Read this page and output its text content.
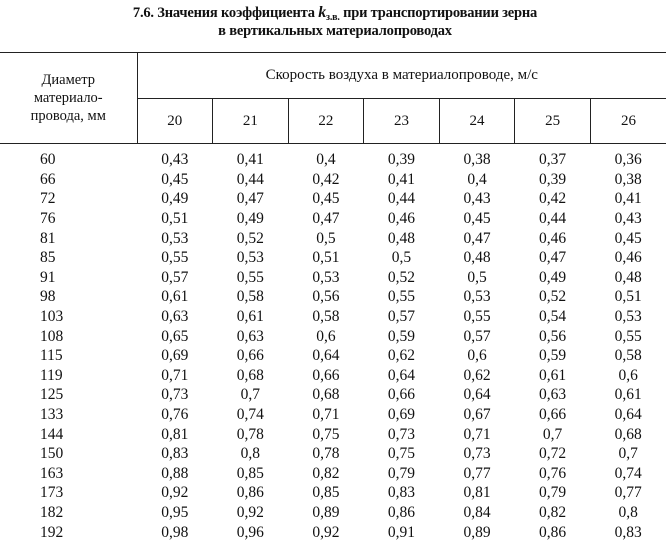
7.6. Значения коэффициента $k_{з.в.}$ при транспортировании зерна
в вертикальных материалопроводах
Диаметр
материало-
провода, мм	Скорость воздуха в материалопроводе, м/с						
	20	21	22	23	24	25	26
60	0,43	0,41	0,4	0,39	0,38	0,37	0,36
66	0,45	0,44	0,42	0,41	0,4	0,39	0,38
72	0,49	0,47	0,45	0,44	0,43	0,42	0,41
76	0,51	0,49	0,47	0,46	0,45	0,44	0,43
81	0,53	0,52	0,5	0,48	0,47	0,46	0,45
85	0,55	0,53	0,51	0,5	0,48	0,47	0,46
91	0,57	0,55	0,53	0,52	0,5	0,49	0,48
98	0,61	0,58	0,56	0,55	0,53	0,52	0,51
103	0,63	0,61	0,58	0,57	0,55	0,54	0,53
108	0,65	0,63	0,6	0,59	0,57	0,56	0,55
115	0,69	0,66	0,64	0,62	0,6	0,59	0,58
119	0,71	0,68	0,66	0,64	0,62	0,61	0,6
125	0,73	0,7	0,68	0,66	0,64	0,63	0,61
133	0,76	0,74	0,71	0,69	0,67	0,66	0,64
144	0,81	0,78	0,75	0,73	0,71	0,7	0,68
150	0,83	0,8	0,78	0,75	0,73	0,72	0,7
163	0,88	0,85	0,82	0,79	0,77	0,76	0,74
173	0,92	0,86	0,85	0,83	0,81	0,79	0,77
182	0,95	0,92	0,89	0,86	0,84	0,82	0,8
192	0,98	0,96	0,92	0,91	0,89	0,86	0,83
